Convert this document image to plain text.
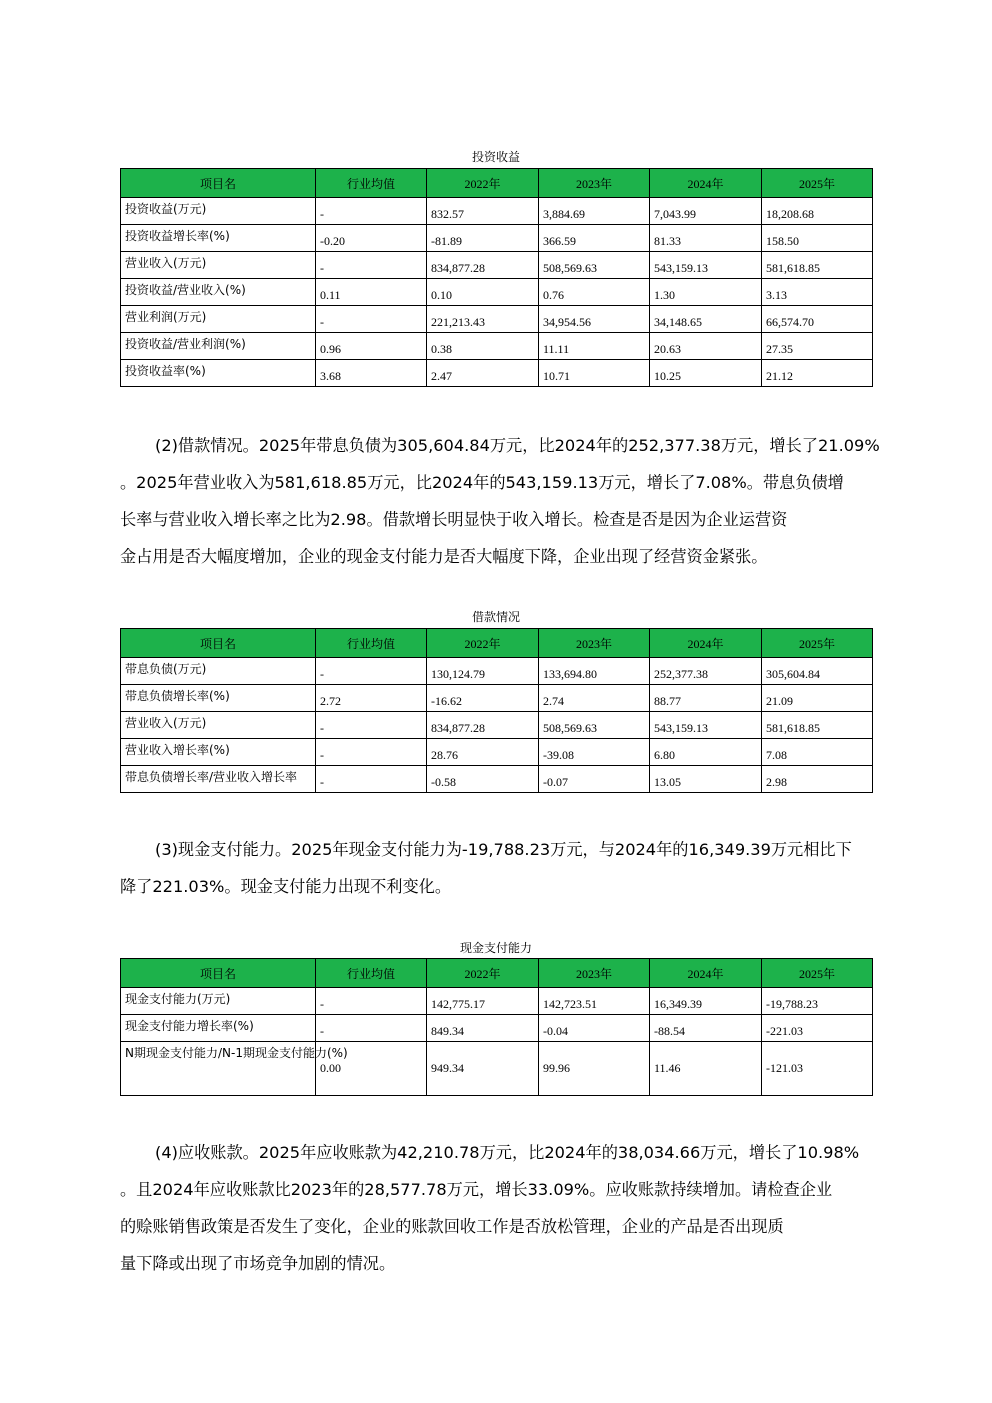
投资收益
项目名	行业均值	2022年	2023年	2024年	2025年
投资收益(万元)	-	832.57	3,884.69	7,043.99	18,208.68
投资收益增长率(%)	-0.20	-81.89	366.59	81.33	158.50
营业收入(万元)	-	834,877.28	508,569.63	543,159.13	581,618.85
投资收益/营业收入(%)	0.11	0.10	0.76	1.30	3.13
营业利润(万元)	-	221,213.43	34,954.56	34,148.65	66,574.70
投资收益/营业利润(%)	0.96	0.38	11.11	20.63	27.35
投资收益率(%)	3.68	2.47	10.71	10.25	21.12
(2)借款情况。2025年带息负债为305,604.84万元，比2024年的252,377.38万元，增长了21.09%
。2025年营业收入为581,618.85万元，比2024年的543,159.13万元，增长了7.08%。带息负债增
长率与营业收入增长率之比为2.98。借款增长明显快于收入增长。检查是否是因为企业运营资
金占用是否大幅度增加，企业的现金支付能力是否大幅度下降，企业出现了经营资金紧张。
借款情况
项目名	行业均值	2022年	2023年	2024年	2025年
带息负债(万元)	-	130,124.79	133,694.80	252,377.38	305,604.84
带息负债增长率(%)	2.72	-16.62	2.74	88.77	21.09
营业收入(万元)	-	834,877.28	508,569.63	543,159.13	581,618.85
营业收入增长率(%)	-	28.76	-39.08	6.80	7.08
带息负债增长率/营业收入增长率	-	-0.58	-0.07	13.05	2.98
(3)现金支付能力。2025年现金支付能力为-19,788.23万元，与2024年的16,349.39万元相比下
降了221.03%。现金支付能力出现不利变化。
现金支付能力
项目名	行业均值	2022年	2023年	2024年	2025年
现金支付能力(万元)	-	142,775.17	142,723.51	16,349.39	-19,788.23
现金支付能力增长率(%)	-	849.34	-0.04	-88.54	-221.03
N期现金支付能力/N-1期现金支付能力(%)	0.00	949.34	99.96	11.46	-121.03
(4)应收账款。2025年应收账款为42,210.78万元，比2024年的38,034.66万元，增长了10.98%
。且2024年应收账款比2023年的28,577.78万元，增长33.09%。应收账款持续增加。请检查企业
的赊账销售政策是否发生了变化，企业的账款回收工作是否放松管理，企业的产品是否出现质
量下降或出现了市场竞争加剧的情况。
